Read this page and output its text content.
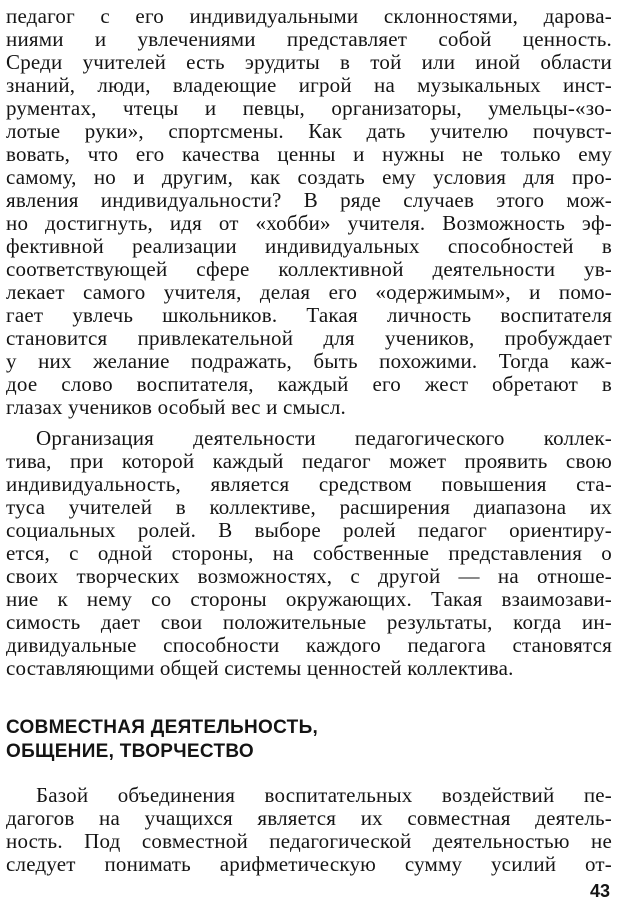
педагог с его индивидуальными склонностями, дарова-
ниями и увлечениями представляет собой ценность.
Среди учителей есть эрудиты в той или иной области
знаний, люди, владеющие игрой на музыкальных инст-
рументах, чтецы и певцы, организаторы, умельцы-«зо-
лотые руки», спортсмены. Как дать учителю почувст-
вовать, что его качества ценны и нужны не только ему
самому, но и другим, как создать ему условия для про-
явления индивидуальности? В ряде случаев этого мож-
но достигнуть, идя от «хобби» учителя. Возможность эф-
фективной реализации индивидуальных способностей в
соответствующей сфере коллективной деятельности ув-
лекает самого учителя, делая его «одержимым», и помо-
гает увлечь школьников. Такая личность воспитателя
становится привлекательной для учеников, пробуждает
у них желание подражать, быть похожими. Тогда каж-
дое слово воспитателя, каждый его жест обретают в
глазах учеников особый вес и смысл.
Организация деятельности педагогического коллек-
тива, при которой каждый педагог может проявить свою
индивидуальность, является средством повышения ста-
туса учителей в коллективе, расширения диапазона их
социальных ролей. В выборе ролей педагог ориентиру-
ется, с одной стороны, на собственные представления о
своих творческих возможностях, с другой — на отноше-
ние к нему со стороны окружающих. Такая взаимозави-
симость дает свои положительные результаты, когда ин-
дивидуальные способности каждого педагога становятся
составляющими общей системы ценностей коллектива.
СОВМЕСТНАЯ ДЕЯТЕЛЬНОСТЬ,
ОБЩЕНИЕ, ТВОРЧЕСТВО
Базой объединения воспитательных воздействий пе-
дагогов на учащихся является их совместная деятель-
ность. Под совместной педагогической деятельностью не
следует понимать арифметическую сумму усилий от-
43
